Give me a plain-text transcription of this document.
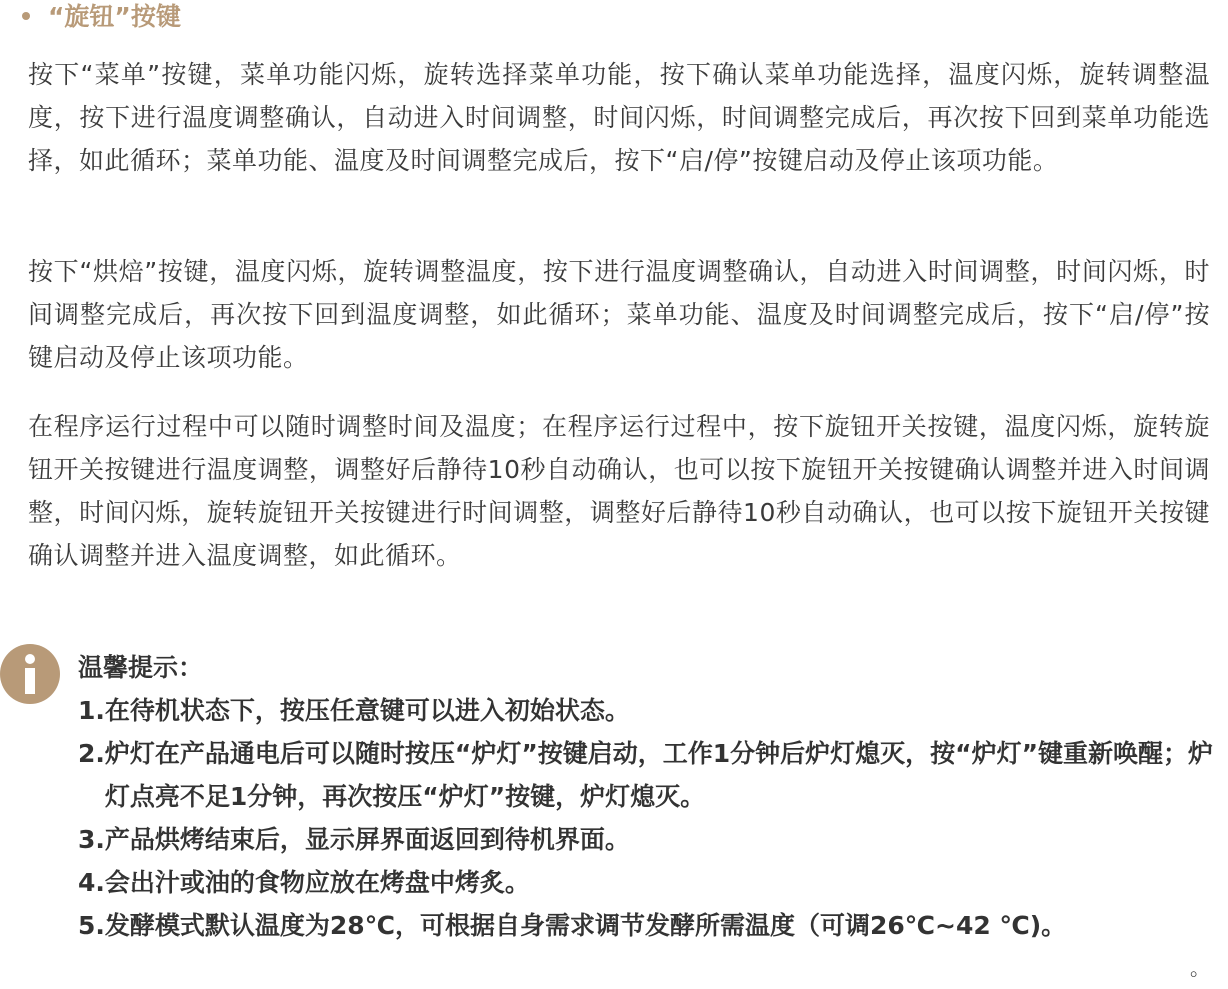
“旋钮”按键

按下“菜单”按键，菜单功能闪烁，旋转选择菜单功能，按下确认菜单功能选择，温度闪烁，旋转调整温度，按下进行温度调整确认，自动进入时间调整，时间闪烁，时间调整完成后，再次按下回到菜单功能选择，如此循环；菜单功能、温度及时间调整完成后，按下“启/停”按键启动及停止该项功能。

按下“烘焙”按键，温度闪烁，旋转调整温度，按下进行温度调整确认，自动进入时间调整，时间闪烁，时间调整完成后，再次按下回到温度调整，如此循环；菜单功能、温度及时间调整完成后，按下“启/停”按键启动及停止该项功能。

在程序运行过程中可以随时调整时间及温度；在程序运行过程中，按下旋钮开关按键，温度闪烁，旋转旋钮开关按键进行温度调整，调整好后静待10秒自动确认，也可以按下旋钮开关按键确认调整并进入时间调整，时间闪烁，旋转旋钮开关按键进行时间调整，调整好后静待10秒自动确认，也可以按下旋钮开关按键确认调整并进入温度调整，如此循环。

温馨提示：
1. 在待机状态下，按压任意键可以进入初始状态。
2. 炉灯在产品通电后可以随时按压“炉灯”按键启动，工作1分钟后炉灯熄灭，按“炉灯”键重新唤醒；炉灯点亮不足1分钟，再次按压“炉灯”按键，炉灯熄灭。
3. 产品烘烤结束后，显示屏界面返回到待机界面。
4. 会出汁或油的食物应放在烤盘中烤炙。
5. 发酵模式默认温度为28℃，可根据自身需求调节发酵所需温度（可调26℃~42 ℃)。
。
